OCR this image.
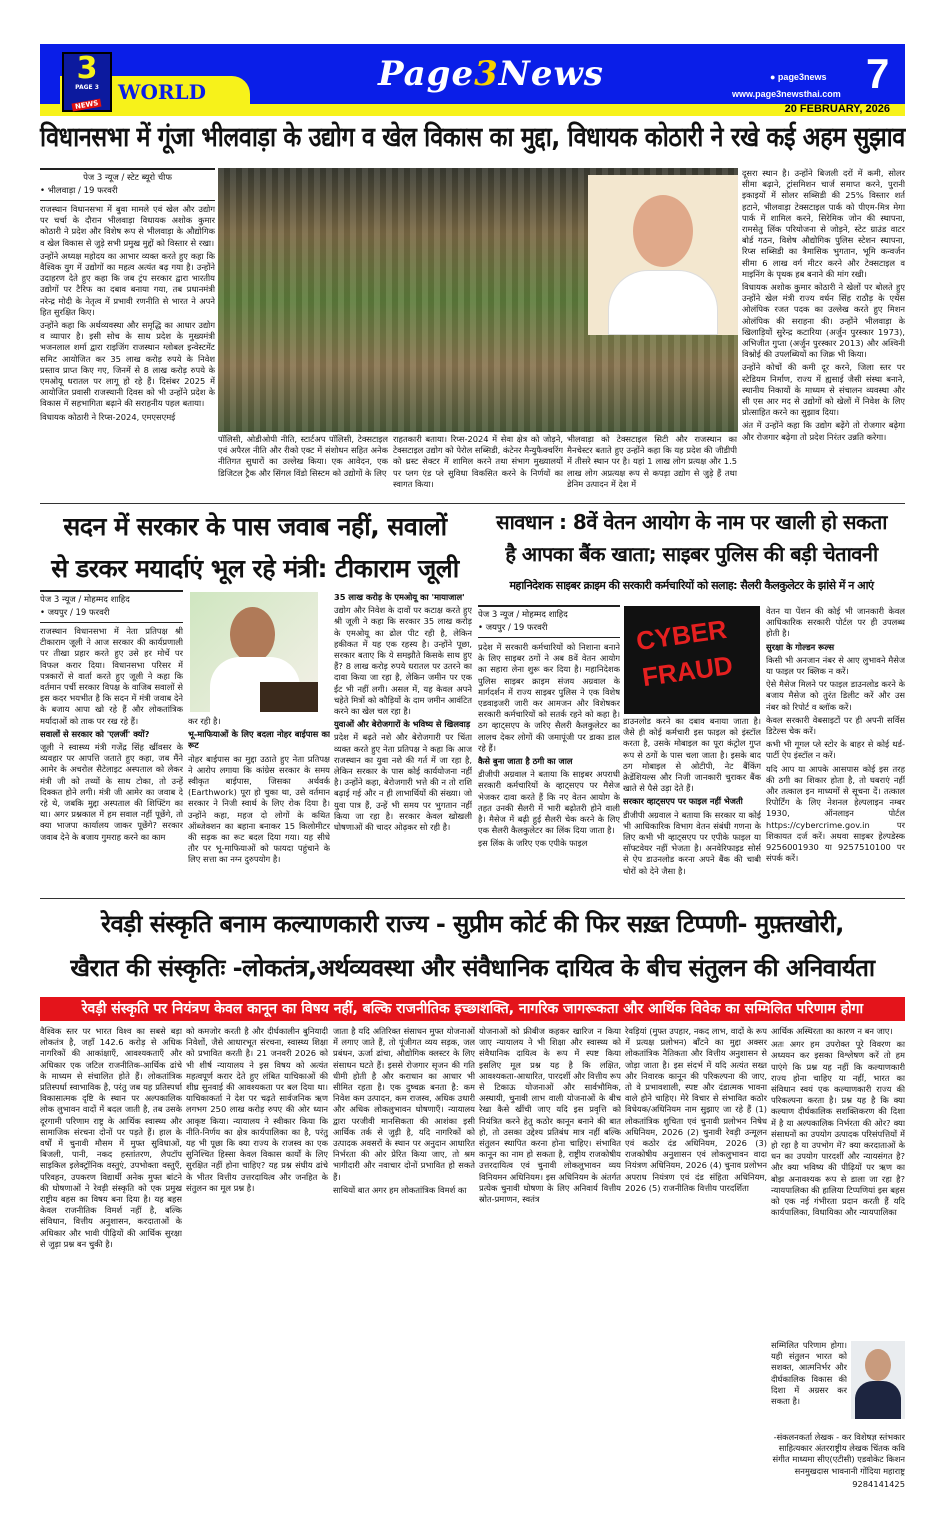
3
PAGE 3
NEWS
WORLD	Page3News	● page3news
www.page3newsthai.com 7
20 FEBRUARY, 2026
विधानसभा में गूंजा भीलवाड़ा के उद्योग व खेल विकास का मुद्दा, विधायक कोठारी ने रखे कई अहम सुझाव
पेज 3 न्यूज / स्टेट ब्यूरो चीफ
• भीलवाड़ा / 19 फरवरी

राजस्थान विधानसभा में बुवा मामले एवं खेल और उद्योग पर चर्चा के दौरान भीलवाड़ा विधायक अशोक कुमार कोठारी ने प्रदेश और विशेष रूप से भीलवाड़ा के औद्योगिक व खेल विकास से जुड़े सभी प्रमुख मुद्दों को विस्तार से रखा।

उन्होंने अध्यक्ष महोदय का आभार व्यक्त करते हुए कहा कि वैश्विक युग में उद्योगों का महत्व अत्यंत बढ़ गया है। उन्होंने उदाहरण देते हुए कहा कि जब ट्रंप सरकार द्वारा भारतीय उद्योगों पर टैरिफ का दबाव बनाया गया, तब प्रधानमंत्री नरेन्द्र मोदी के नेतृत्व में प्रभावी रणनीति से भारत ने अपने हित सुरक्षित किए।

उन्होंने कहा कि अर्थव्यवस्था और समृद्धि का आधार उद्योग व व्यापार है। इसी सोच के साथ प्रदेश के मुख्यमंत्री भजनलाल शर्मा द्वारा राइजिंग राजस्थान ग्लोबल इन्वेस्टमेंट समिट आयोजित कर 35 लाख करोड़ रुपये के निवेश प्रस्ताव प्राप्त किए गए, जिनमें से 8 लाख करोड़ रुपये के एमओयू धरातल पर लागू हो रहे हैं। दिसंबर 2025 में आयोजित प्रवासी राजस्थानी दिवस को भी उन्होंने प्रदेश के विकास में सहभागिता बढ़ाने की सराहनीय पहल बताया।

विधायक कोठारी ने रिप्स-2024, एमएसएमई

पॉलिसी, ओडीओपी नीति, स्टार्टअप पॉलिसी, टेक्सटाइल एवं अपैरल नीति और रीको एक्ट में संशोधन सहित अनेक नीतिगत सुधारों का उल्लेख किया। एक आवेदन, एक डिजिटल ट्रैक और सिंगल विंडो सिस्टम को उद्योगों के लिए

राहतकारी बताया। रिप्स-2024 में सेवा क्षेत्र को जोड़ने, टेक्सटाइल उद्योग को पेरोल सब्सिडी, कंटेनर मैन्युफैक्चरिंग को थ्रस्ट सेक्टर में शामिल करने तथा संभाग मुख्यालयों पर प्लग एंड प्ले सुविधा विकसित करने के निर्णयों का स्वागत किया।

भीलवाड़ा को टेक्सटाइल सिटी और राजस्थान का मैनचेस्टर बताते हुए उन्होंने कहा कि यह प्रदेश की जीडीपी में तीसरे स्थान पर है। यहां 1 लाख लोग प्रत्यक्ष और 1.5 लाख लोग अप्रत्यक्ष रूप से कपड़ा उद्योग से जुड़े हैं तथा डेनिम उत्पादन में देश में

दूसरा स्थान है। उन्होंने बिजली दरों में कमी, सोलर सीमा बढ़ाने, ट्रांसमिशन चार्ज समाप्त करने, पुरानी इकाइयों में सोलर सब्सिडी की 25% विस्तार शर्त हटाने, भीलवाड़ा टेक्सटाइल पार्क को पीएम-मित्र मेगा पार्क में शामिल करने, सिरेमिक जोन की स्थापना, रामसेतु लिंक परियोजना से जोड़ने, स्टेट ग्राउंड वाटर बोर्ड गठन, विशेष औद्योगिक पुलिस स्टेशन स्थापना, रिप्स सब्सिडी का त्रैमासिक भुगतान, भूमि कन्वर्जन सीमा 6 लाख वर्ग मीटर करने और टेक्सटाइल व माइनिंग के पृथक हब बनाने की मांग रखी।

विधायक अशोक कुमार कोठारी ने खेलों पर बोलते हुए उन्होंने खेल मंत्री राज्य वर्धन सिंह राठौड़ के एथेंस ओलंपिक रजत पदक का उल्लेख करते हुए मिशन ओलंपिक की सराहना की। उन्होंने भीलवाड़ा के खिलाड़ियों सुरेन्द्र कटारिया (अर्जुन पुरस्कार 1973), अभिजीत गुप्ता (अर्जुन पुरस्कार 2013) और अश्विनी विश्नोई की उपलब्धियों का जिक्र भी किया।

उन्होंने कोचों की कमी दूर करने, जिला स्तर पर स्टेडियम निर्माण, राज्य में ह्यसाई जैसी संस्था बनाने, स्थानीय निकायों के माध्यम से संचालन व्यवस्था और सी एस आर मद से उद्योगों को खेलों में निवेश के लिए प्रोत्साहित करने का सुझाव दिया।

अंत में उन्होंने कहा कि उद्योग बढ़ेंगे तो रोजगार बढ़ेगा और रोजगार बढ़ेगा तो प्रदेश निरंतर उन्नति करेगा।

सदन में सरकार के पास जवाब नहीं, सवालों
से डरकर मयार्दाएं भूल रहे मंत्री: टीकाराम जूली
पेज 3 न्यूज / मोहम्मद शाहिद
• जयपुर / 19 फरवरी

राजस्थान विधानसभा में नेता प्रतिपक्ष श्री टीकाराम जूली ने आज सरकार की कार्यप्रणाली पर तीखा प्रहार करते हुए उसे हर मोर्चे पर विफल करार दिया। विधानसभा परिसर में पत्रकारों से वार्ता करते हुए जूली ने कहा कि वर्तमान पर्ची सरकार विपक्ष के वाजिब सवालों से इस कदर भयभीत है कि सदन में मंत्री जवाब देने के बजाय आपा खो रहे हैं और लोकतांत्रिक मर्यादाओं को ताक पर रख रहे हैं।

सवालों से सरकार को 'एलर्जी' क्यों?

जूली ने स्वास्थ्य मंत्री गजेंद्र सिंह खींवसर के व्यवहार पर आपत्ति जताते हुए कहा, जब मैंने आमेर के अचरोल सैटेलाइट अस्पताल को लेकर मंत्री जी को तथ्यों के साथ टोका, तो उन्हें दिक्कत होने लगी। मंत्री जी आमेर का जवाब दे रहे थे, जबकि मुद्दा अस्पताल की शिफ्टिंग का था। अगर प्रश्नकाल में हम सवाल नहीं पूछेंगे, तो क्या भाजपा कार्यालय जाकर पूछेंगे? सरकार जवाब देने के बजाय गुमराह करने का काम

कर रही है।

भू-माफियाओं के लिए बदला नोहर बाईपास का रूट

नोहर बाईपास का मुद्दा उठाते हुए नेता प्रतिपक्ष ने आरोप लगाया कि कांग्रेस सरकार के समय स्वीकृत बाईपास, जिसका अर्थवर्क (Earthwork) पूरा हो चुका था, उसे वर्तमान सरकार ने निजी स्वार्थ के लिए रोक दिया है। उन्होंने कहा, महज दो लोगों के कथित ऑब्जेक्शन का बहाना बनाकर 15 किलोमीटर की सड़क का रूट बदल दिया गया। यह सीधे तौर पर भू-माफियाओं को फायदा पहुंचाने के लिए सत्ता का नग्न दुरुपयोग है।

35 लाख करोड़ के एमओयू का 'मायाजाल'

उद्योग और निवेश के दावों पर कटाक्ष करते हुए श्री जूली ने कहा कि सरकार 35 लाख करोड़ के एमओयू का ढोल पीट रही है, लेकिन हकीकत में यह एक रहस्य है। उन्होंने पूछा, सरकार बताए कि ये समझौते किसके साथ हुए हैं? 8 लाख करोड़ रुपये धरातल पर उतरने का दावा किया जा रहा है, लेकिन जमीन पर एक ईंट भी नहीं लगी। असल में, यह केवल अपने चहेते मित्रों को कौड़ियों के दाम जमीन आवंटित करने का खेल चल रहा है।

युवाओं और बेरोजगारों के भविष्य से खिलवाड़

प्रदेश में बढ़ते नशे और बेरोजगारी पर चिंता व्यक्त करते हुए नेता प्रतिपक्ष ने कहा कि आज राजस्थान का युवा नशे की गर्त में जा रहा है, लेकिन सरकार के पास कोई कार्ययोजना नहीं है। उन्होंने कहा, बेरोजगारी भत्ते की न तो राशि बढ़ाई गई और न ही लाभार्थियों की संख्या। जो युवा पात्र हैं, उन्हें भी समय पर भुगतान नहीं किया जा रहा है। सरकार केवल खोखली घोषणाओं की चादर ओढ़कर सो रही है।

सावधान : 8वें वेतन आयोग के नाम पर खाली हो सकता
है आपका बैंक खाता; साइबर पुलिस की बड़ी चेतावनी
महानिदेशक साइबर क्राइम की सरकारी कर्मचारियों को सलाह: सैलरी कैलकुलेटर के झांसे में न आएं
पेज 3 न्यूज / मोहम्मद शाहिद
• जयपुर / 19 फरवरी

प्रदेश में सरकारी कर्मचारियों को निशाना बनाने के लिए साइबर ठगों ने अब 8वें वेतन आयोग का सहारा लेना शुरू कर दिया है। महानिदेशक पुलिस साइबर क्राइम संजय अग्रवाल के मार्गदर्शन में राज्य साइबर पुलिस ने एक विशेष एडवाइजरी जारी कर आमजन और विशेषकर सरकारी कर्मचारियों को सतर्क रहने को कहा है। ठग व्हाट्सएप के जरिए सैलरी कैलकुलेटर का लालच देकर लोगों की जमापूंजी पर डाका डाल रहे हैं।

कैसे बुना जाता है ठगी का जाल

डीजीपी अग्रवाल ने बताया कि साइबर अपराधी सरकारी कर्मचारियों के व्हाट्सएप पर मैसेज भेजकर दावा करते हैं कि नए वेतन आयोग के तहत उनकी सैलरी में भारी बढ़ोतरी होने वाली है। मैसेज में बढ़ी हुई सैलरी चेक करने के लिए एक सैलरी कैलकुलेटर का लिंक दिया जाता है।

इस लिंक के जरिए एक एपीके फाइल

CYBER
FRAUD

डाउनलोड करने का दबाव बनाया जाता है। जैसे ही कोई कर्मचारी इस फाइल को इंस्टॉल करता है, उसके मोबाइल का पूरा कंट्रोल गुप्त रूप से ठगों के पास चला जाता है। इसके बाद ठग मोबाइल से ओटीपी, नेट बैंकिंग क्रेडेंशियल्स और निजी जानकारी चुराकर बैंक खाते से पैसे उड़ा देते हैं।

सरकार व्हाट्सएप पर फाइल नहीं भेजती

डीजीपी अग्रवाल ने बताया कि सरकार या कोई भी आधिकारिक विभाग वेतन संबंधी गणना के लिए कभी भी व्हाट्सएप पर एपीके फाइल या सॉफ्टवेयर नहीं भेजता है। अनवेरिफाइड सोर्स से ऐप डाउनलोड करना अपने बैंक की चाबी चोरों को देने जैसा है।

वेतन या पेंशन की कोई भी जानकारी केवल आधिकारिक सरकारी पोर्टल पर ही उपलब्ध होती है।

सुरक्षा के गोल्डन रूल्स

किसी भी अनजान नंबर से आए लुभावने मैसेज या फाइल पर क्लिक न करें।

ऐसे मैसेज मिलने पर फाइल डाउनलोड करने के बजाय मैसेज को तुरंत डिलीट करें और उस नंबर को रिपोर्ट व ब्लॉक करें।

केवल सरकारी वेबसाइटों पर ही अपनी सर्विस डिटेल्स चेक करें।

कभी भी गूगल प्ले स्टोर के बाहर से कोई थर्ड-पार्टी ऐप इंस्टॉल न करें।

यदि आप या आपके आसपास कोई इस तरह की ठगी का शिकार होता है, तो घबराएं नहीं और तत्काल इन माध्यमों से सूचना दें। तत्काल रिपोर्टिंग के लिए नेशनल हेल्पलाइन नम्बर 1930, ऑनलाइन पोर्टल https://cybercrime.gov.in पर शिकायत दर्ज करें। अथवा साइबर हेल्पडेस्क 9256001930 या 9257510100 पर संपर्क करें।

रेवड़ी संस्कृति बनाम कल्याणकारी राज्य - सुप्रीम कोर्ट की फिर सख़्त टिप्पणी- मुफ़्तखोरी,
खैरात की संस्कृतिः -लोकतंत्र,अर्थव्यवस्था और संवैधानिक दायित्व के बीच संतुलन की अनिवार्यता
रेवड़ी संस्कृति पर नियंत्रण केवल कानून का विषय नहीं, बल्कि राजनीतिक इच्छाशक्ति, नागरिक जागरूकता और आर्थिक विवेक का सम्मिलित परिणाम होगा

वैश्विक स्तर पर भारत विश्व का सबसे बड़ा लोकतंत्र है, जहाँ 142.6 करोड़ से अधिक नागरिकों की आकांक्षाएँ, आवश्यकताएँ और अधिकार एक जटिल राजनीतिक-आर्थिक ढांचे के माध्यम से संचालित होते हैं। लोकतांत्रिक प्रतिस्पर्धा स्वाभाविक है, परंतु जब यह प्रतिस्पर्धा विकासात्मक दृष्टि के स्थान पर अल्पकालिक लोक लुभावन वादों में बदल जाती है, तब उसके दूरगामी परिणाम राष्ट्र के आर्थिक स्वास्थ्य और सामाजिक संरचना दोनों पर पड़ते हैं। हाल के वर्षों में चुनावी मौसम में मुफ्त सुविधाओं, बिजली, पानी, नकद हस्तांतरण, लैपटॉप साइकिल इलेक्ट्रॉनिक वस्तुएं, उपभोक्ता वस्तुएँ, परिवहन, उपकरण विद्यार्थी अनेक मुफ्त बांटने की घोषणाओं ने रेवड़ी संस्कृति को एक प्रमुख राष्ट्रीय बहस का विषय बना दिया है। यह बहस केवल राजनीतिक विमर्श नहीं है, बल्कि संविधान, वित्तीय अनुशासन, करदाताओं के अधिकार और भावी पीढ़ियों की आर्थिक सुरक्षा से जुड़ा प्रश्न बन चुकी है।

को कमजोर करती है और दीर्घकालीन बुनियादी निवेशों, जैसे आधारभूत संरचना, स्वास्थ्य शिक्षा को प्रभावित करती है। 21 जनवरी 2026 को भी शीर्ष न्यायालय ने इस विषय को अत्यंत महत्वपूर्ण करार देते हुए लंबित याचिकाओं की शीघ्र सुनवाई की आवश्यकता पर बल दिया था। याचिकाकर्ता ने देश पर चढ़ते सार्वजनिक ऋण लगभग 250 लाख करोड़ रुपए की ओर ध्यान आकृष्ट किया। न्यायालय ने स्वीकार किया कि नीति-निर्णय का क्षेत्र कार्यपालिका का है, परंतु यह भी पूछा कि क्या राज्य के राजस्व का एक सुनिश्चित हिस्सा केवल विकास कार्यों के लिए सुरक्षित नहीं होना चाहिए? यह प्रश्न संघीय ढांचे के भीतर वित्तीय उत्तरदायित्व और जनहित के संतुलन का मूल प्रश्न है।

जाता है यदि अतिरिक्त संसाधन मुफ्त योजनाओं में लगाए जाते हैं, तो पूंजीगत व्यय सड़क, जल प्रबंधन, ऊर्जा ढांचा, औद्योगिक क्लस्टर के लिए संसाधन घटते हैं। इससे रोजगार सृजन की गति धीमी होती है और कराधान का आधार भी सीमित रहता है। एक दुष्चक्र बनता है: कम निवेश कम उत्पादन, कम राजस्व, अधिक उधारी और अधिक लोकलुभावन घोषणाएँ। न्यायालय द्वारा परजीवी मानसिकता की आशंका इसी आर्थिक तर्क से जुड़ी है, यदि नागरिकों को उत्पादक अवसरों के स्थान पर अनुदान आधारित निर्भरता की ओर प्रेरित किया जाए, तो श्रम भागीदारी और नवाचार दोनों प्रभावित हो सकते हैं।

साथियों बात अगर हम लोकतांत्रिक विमर्श का

योजनाओं को फ्रीबीज कहकर खारिज न किया जाए न्यायालय ने भी शिक्षा और स्वास्थ्य को संवैधानिक दायित्व के रूप में स्पष्ट किया इसलिए मूल प्रश्न यह है कि लक्षित, आवश्यकता-आधारित, पारदर्शी और वित्तीय रूप से टिकाऊ योजनाओं और सार्वभौमिक, अस्थायी, चुनावी लाभ वाली योजनाओं के बीच रेखा कैसे खींची जाए यदि इस प्रवृत्ति को नियंत्रित करने हेतु कठोर कानून बनाने की बात हो, तो उसका उद्देश्य प्रतिबंध मात्र नहीं बल्कि संतुलन स्थापित करना होना चाहिए। संभावित कानून का नाम हो सकता है, राष्ट्रीय राजकोषीय उत्तरदायित्व एवं चुनावी लोकलुभावन व्यय विनियमन अधिनियम। इस अधिनियम के अंतर्गत प्रत्येक चुनावी घोषणा के लिए अनिवार्य वित्तीय स्रोत-प्रमाणन, स्वतंत्र

रेवड़ियां (मुफ्त उपहार, नकद लाभ, वादों के रूप में प्रत्यक्ष प्रलोभन) बाँटने का मुद्दा अक्सर लोकतांत्रिक नैतिकता और वित्तीय अनुशासन से जोड़ा जाता है। इस संदर्भ में यदि अत्यंत सख्त और निवारक कानून की परिकल्पना की जाए, तो वे प्रभावशाली, स्पष्ट और दंडात्मक भावना वाले होने चाहिए। मेरे विचार से संभावित कठोर विधेयक/अधिनियम नाम सुझाए जा रहे हैं (1) लोकतांत्रिक शुचिता एवं चुनावी प्रलोभन निषेध अधिनियम, 2026 (2) चुनावी रेवड़ी उन्मूलन एवं कठोर दंड अधिनियम, 2026 (3) राजकोषीय अनुशासन एवं लोकलुभावन वादा नियंत्रण अधिनियम, 2026 (4) चुनाव प्रलोभन अपराध नियंत्रण एवं दंड संहिता अधिनियम, 2026 (5) राजनीतिक वित्तीय पारदर्शिता

आर्थिक अस्थिरता का कारण न बन जाए।

अतः अगर हम उपरोक्त पूरे विवरण का अध्ययन कर इसका विश्लेषण करें तो हम पाएंगे कि प्रश्न यह नहीं कि कल्याणकारी राज्य होना चाहिए या नहीं, भारत का संविधान स्वयं एक कल्याणकारी राज्य की परिकल्पना करता है। प्रश्न यह है कि क्या कल्याण दीर्घकालिक सशक्तिकरण की दिशा में है या अल्पकालिक निर्भरता की ओर? क्या संसाधनों का उपयोग उत्पादक परिसंपत्तियों में हो रहा है या उपभोग में? क्या करदाताओं के धन का उपयोग पारदर्शी और न्यायसंगत है? और क्या भविष्य की पीढ़ियों पर ऋण का बोझ अनावश्यक रूप से डाला जा रहा है? न्यायपालिका की हालिया टिप्पणियां इस बहस को एक नई गंभीरता प्रदान करती हैं यदि कार्यपालिका, विधायिका और न्यायपालिका

सम्मिलित परिणाम होगा। यही संतुलन भारत को सशक्त, आत्मनिर्भर और दीर्घकालिक विकास की दिशा में अग्रसर कर सकता है।

-संकलनकर्ता लेखक - कर विशेषज्ञ स्तंभकार साहित्यकार अंतरराष्ट्रीय लेखक चिंतक कवि संगीत माध्यमा सीए(एटीसी) एडवोकेट किशन सनमुखदास भावनानी गोंदिया महाराष्ट्र

9284141425
